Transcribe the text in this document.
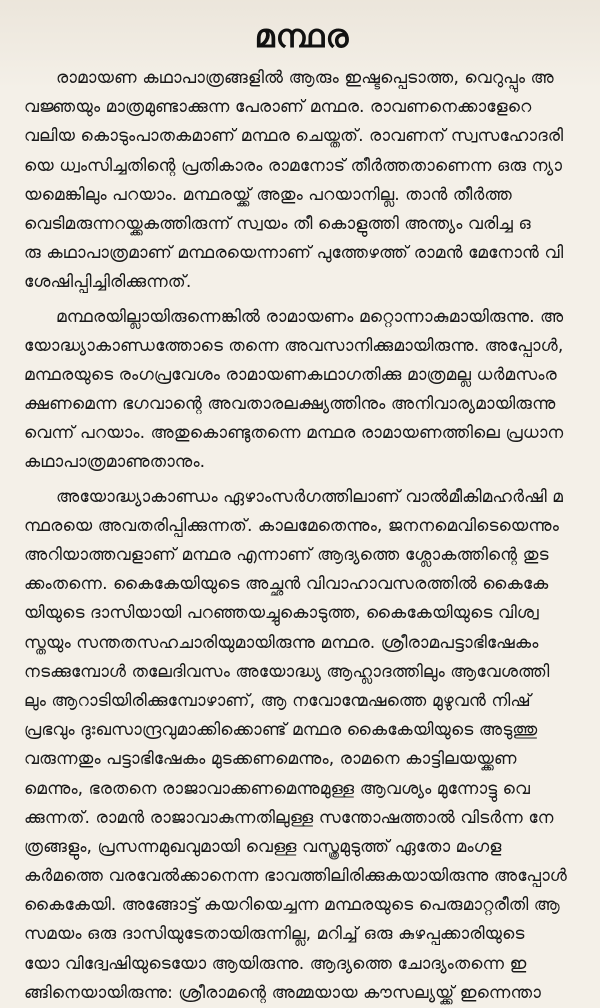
മന്ഥര
രാമായണ കഥാപാത്രങ്ങളിൽ ആരും ഇഷ്ടപ്പെടാത്ത, വെറുപ്പും അ
വജ്ഞയും മാത്രമുണ്ടാക്കുന്ന പേരാണ് മന്ഥര. രാവണനെക്കാളേറെ
വലിയ കൊടുംപാതകമാണ് മന്ഥര ചെയ്തത്. രാവണന് സ്വസഹോദരി
യെ ധ്വംസിച്ചതിന്റെ പ്രതികാരം രാമനോട് തീർത്തതാണെന്ന ഒരു ന്യാ
യമെങ്കിലും പറയാം. മന്ഥരയ്ക്ക് അതും പറയാനില്ല. താൻ തീർത്ത
വെടിമരുന്നറയ്ക്കകത്തിരുന്ന് സ്വയം തീ കൊളുത്തി അന്ത്യം വരിച്ച ഒ
രു കഥാപാത്രമാണ് മന്ഥരയെന്നാണ് പുത്തേഴത്ത് രാമൻ മേനോൻ വി
ശേഷിപ്പിച്ചിരിക്കുന്നത്.
മന്ഥരയില്ലായിരുന്നെങ്കിൽ രാമായണം മറ്റൊന്നാകുമായിരുന്നു. അ
യോദ്ധ്യാകാണ്ഡത്തോടെ തന്നെ അവസാനിക്കുമായിരുന്നു. അപ്പോൾ,
മന്ഥരയുടെ രംഗപ്രവേശം രാമായണകഥാഗതിക്കു മാത്രമല്ല ധർമസംര
ക്ഷണമെന്ന ഭഗവാന്റെ അവതാരലക്ഷ്യത്തിനും അനിവാര്യമായിരുന്നു
വെന്ന് പറയാം. അതുകൊണ്ടുതന്നെ മന്ഥര രാമായണത്തിലെ പ്രധാന
കഥാപാത്രമാണുതാനും.
അയോദ്ധ്യാകാണ്ഡം ഏഴാംസർഗത്തിലാണ് വാൽമീകിമഹർഷി മ
ന്ഥരയെ അവതരിപ്പിക്കുന്നത്. കാലമേതെന്നും, ജനനമെവിടെയെന്നും
അറിയാത്തവളാണ് മന്ഥര എന്നാണ് ആദ്യത്തെ ശ്ലോകത്തിന്റെ തുട
ക്കംതന്നെ. കൈകേയിയുടെ അച്ഛൻ വിവാഹാവസരത്തിൽ കൈകേ
യിയുടെ ദാസിയായി പറഞ്ഞയച്ചുകൊടുത്ത, കൈകേയിയുടെ വിശ്വ
സ്തയും സന്തതസഹചാരിയുമായിരുന്നു മന്ഥര. ശ്രീരാമപട്ടാഭിഷേകം
നടക്കുമ്പോൾ തലേദിവസം അയോദ്ധ്യ ആഹ്ലാദത്തിലും ആവേശത്തി
ലും ആറാടിയിരിക്കുമ്പോഴാണ്, ആ നവോന്മേഷത്തെ മുഴുവൻ നിഷ്
പ്രഭവും ദുഃഖസാന്ദ്രവുമാക്കിക്കൊണ്ട് മന്ഥര കൈകേയിയുടെ അടുത്തു
വരുന്നതും പട്ടാഭിഷേകം മുടക്കണമെന്നും, രാമനെ കാട്ടിലയയ്ക്കണ
മെന്നും, ഭരതനെ രാജാവാക്കണമെന്നുമുള്ള ആവശ്യം മുന്നോട്ടു വെ
ക്കുന്നത്. രാമൻ രാജാവാകുന്നതിലുള്ള സന്തോഷത്താൽ വിടർന്ന നേ
ത്രങ്ങളും, പ്രസന്നമുഖവുമായി വെള്ള വസ്ത്രമുടുത്ത് ഏതോ മംഗള
കർമത്തെ വരവേൽക്കാനെന്ന ഭാവത്തിലിരിക്കുകയായിരുന്നു അപ്പോൾ
കൈകേയി. അങ്ങോട്ട് കയറിയെച്ചന്ന മന്ഥരയുടെ പെരുമാറ്റരീതി ആ
സമയം ഒരു ദാസിയുടേതായിരുന്നില്ല, മറിച്ച് ഒരു കുഴപ്പക്കാരിയുടെ
യോ വിദ്വേഷിയുടെയോ ആയിരുന്നു. ആദ്യത്തെ ചോദ്യംതന്നെ ഇ
ങ്ങിനെയായിരുന്നു: ശ്രീരാമന്റെ അമ്മയായ കൗസല്യയ്ക്ക് ഇന്നെന്താ
